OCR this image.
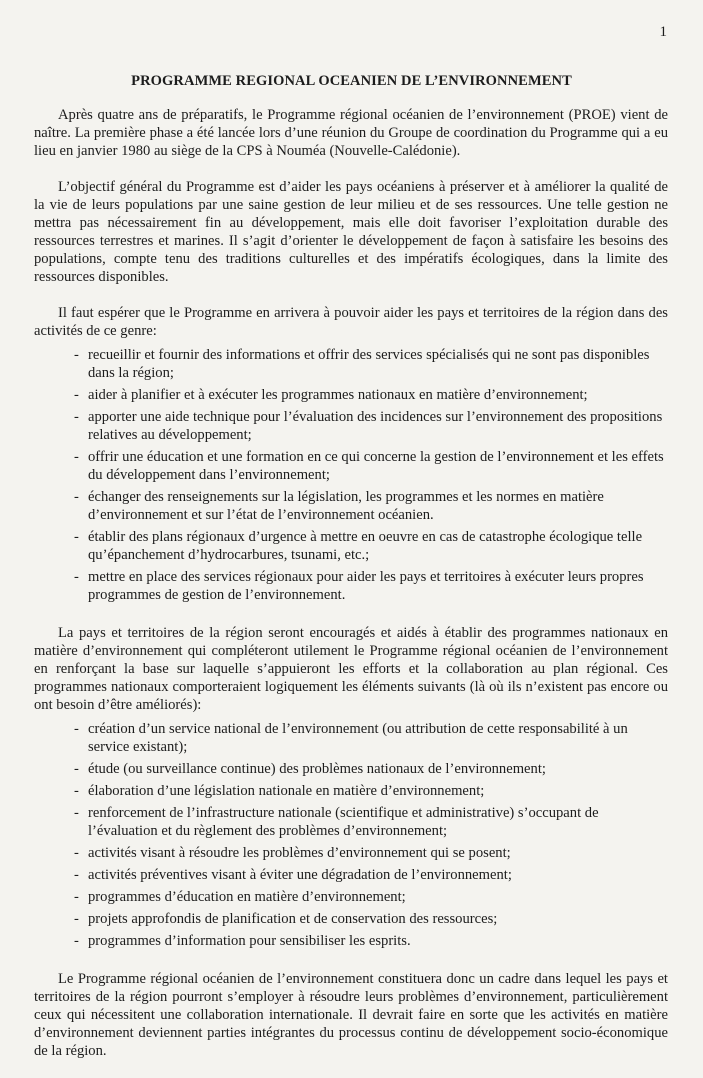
1
PROGRAMME REGIONAL OCEANIEN DE L’ENVIRONNEMENT

Après quatre ans de préparatifs, le Programme régional océanien de l’environnement (PROE) vient de naître. La première phase a été lancée lors d’une réunion du Groupe de coordination du Programme qui a eu lieu en janvier 1980 au siège de la CPS à Nouméa (Nouvelle-Calédonie).

L’objectif général du Programme est d’aider les pays océaniens à préserver et à améliorer la qualité de la vie de leurs populations par une saine gestion de leur milieu et de ses ressources. Une telle gestion ne mettra pas nécessairement fin au développement, mais elle doit favoriser l’exploitation durable des ressources terrestres et marines. Il s’agit d’orienter le développement de façon à satisfaire les besoins des populations, compte tenu des traditions culturelles et des impératifs écologiques, dans la limite des ressources disponibles.

Il faut espérer que le Programme en arrivera à pouvoir aider les pays et territoires de la région dans des activités de ce genre:

- recueillir et fournir des informations et offrir des services spécialisés qui ne sont pas disponibles dans la région;
- aider à planifier et à exécuter les programmes nationaux en matière d’environnement;
- apporter une aide technique pour l’évaluation des incidences sur l’environnement des propositions relatives au développement;
- offrir une éducation et une formation en ce qui concerne la gestion de l’environnement et les effets du développement dans l’environnement;
- échanger des renseignements sur la législation, les programmes et les normes en matière d’environnement et sur l’état de l’environnement océanien.
- établir des plans régionaux d’urgence à mettre en oeuvre en cas de catastrophe écologique telle qu’épanchement d’hydrocarbures, tsunami, etc.;
- mettre en place des services régionaux pour aider les pays et territoires à exécuter leurs propres programmes de gestion de l’environnement.

La pays et territoires de la région seront encouragés et aidés à établir des programmes nationaux en matière d’environnement qui compléteront utilement le Programme régional océanien de l’environnement en renforçant la base sur laquelle s’appuieront les efforts et la collaboration au plan régional. Ces programmes nationaux comporteraient logiquement les éléments suivants (là où ils n’existent pas encore ou ont besoin d’être améliorés):

- création d’un service national de l’environnement (ou attribution de cette responsabilité à un service existant);
- étude (ou surveillance continue) des problèmes nationaux de l’environnement;
- élaboration d’une législation nationale en matière d’environnement;
- renforcement de l’infrastructure nationale (scientifique et administrative) s’occupant de l’évaluation et du règlement des problèmes d’environnement;
- activités visant à résoudre les problèmes d’environnement qui se posent;
- activités préventives visant à éviter une dégradation de l’environnement;
- programmes d’éducation en matière d’environnement;
- projets approfondis de planification et de conservation des ressources;
- programmes d’information pour sensibiliser les esprits.

Le Programme régional océanien de l’environnement constituera donc un cadre dans lequel les pays et territoires de la région pourront s’employer à résoudre leurs problèmes d’environnement, particulièrement ceux qui nécessitent une collaboration internationale. Il devrait faire en sorte que les activités en matière d’environnement deviennent parties intégrantes du processus continu de développement socio-économique de la région.
